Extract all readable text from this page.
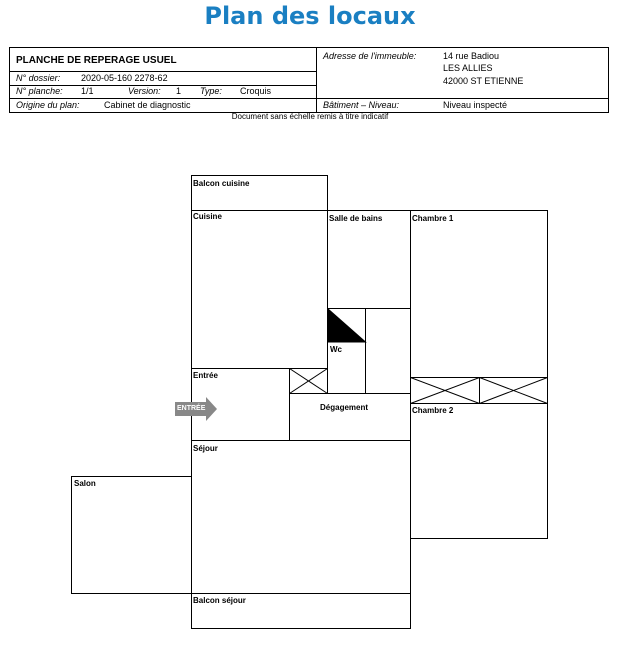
Plan des locaux
PLANCHE DE REPERAGE USUEL
N° dossier: 2020-05-160 2278-62
N° planche: 1/1	Version: 1 Type: Croquis
Origine du plan:	Cabinet de diagnostic
Adresse de l'immeuble:	14 rue Badiou
LES ALLIES
42000 ST ETIENNE
Bâtiment – Niveau:	Niveau inspecté
Document sans échelle remis à titre indicatif
ENTRÉE
Balcon cuisine
Cuisine	Salle de bains	Chambre 1
Wc
Entrée
Dégagement	Chambre 2
Séjour
Salon
Balcon séjour
